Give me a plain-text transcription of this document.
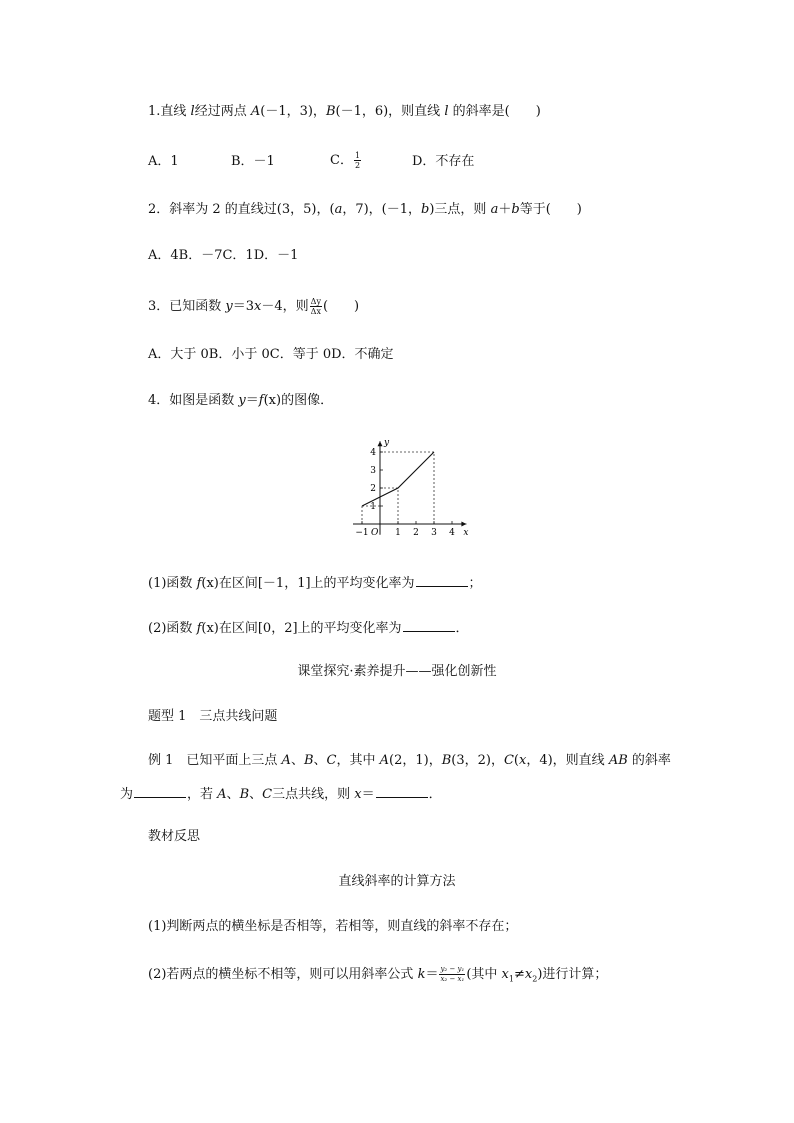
1.直线 l经过两点 A(－1，3)，B(－1，6)，则直线 l 的斜率是(　　)
A．1	B．－1	C． $\frac{1}{2}$	D．不存在
2．斜率为 2 的直线过(3，5)，(a，7)，(－1，b)三点，则 a＋b等于(　　)
A．4B．－7C．1D．－1
3．已知函数 y＝3x－4，则 $\frac{\Delta y}{\Delta x}$ (　　)
A．大于 0B．小于 0C．等于 0D．不确定
4．如图是函数 y＝f(x)的图像．
x
y
O
−1	1 2 3 4
1
2
3
4
(1)函数 f(x)在区间[－1，1]上的平均变化率为	；
(2)函数 f(x)在区间[0，2]上的平均变化率为	．
课堂探究·素养提升——强化创新性
题型 1　三点共线问题
例 1　已知平面上三点 A、B、C，其中 A(2，1)，B(3，2)，C(x，4)，则直线 AB 的斜率
为	，若 A、B、C三点共线，则 x＝	．
教材反思
直线斜率的计算方法
(1)判断两点的横坐标是否相等，若相等，则直线的斜率不存在；
(2)若两点的横坐标不相等，则可以用斜率公式 $k= \frac{\text{y₂ − y₁}}{\text{x₂ − x₁}}$ (其中 $x_1\ne x_2$)进行计算；
